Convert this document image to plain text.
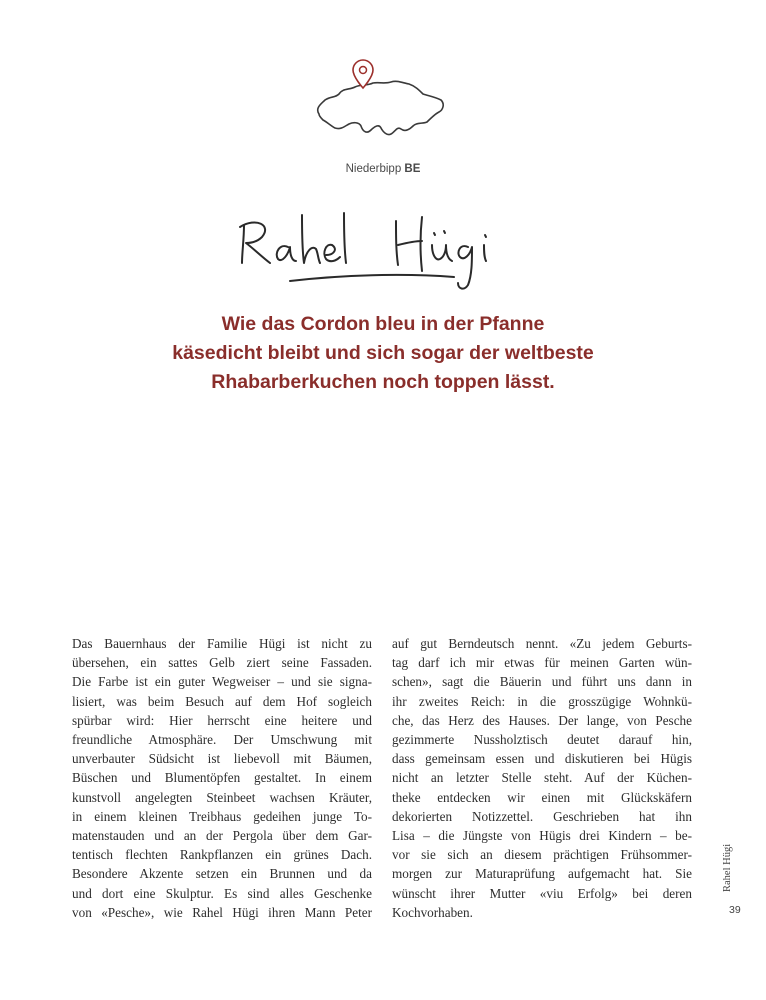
Niederbipp BE
Wie das Cordon bleu in der Pfanne
käsedicht bleibt und sich sogar der weltbeste
Rhabarberkuchen noch toppen lässt.
Das Bauernhaus der Familie Hügi ist nicht zu
übersehen, ein sattes Gelb ziert seine Fassaden.
Die Farbe ist ein guter Wegweiser – und sie signa-
lisiert, was beim Besuch auf dem Hof sogleich
spürbar wird: Hier herrscht eine heitere und
freundliche Atmosphäre. Der Umschwung mit
unverbauter Südsicht ist liebevoll mit Bäumen,
Büschen und Blumentöpfen gestaltet. In einem
kunstvoll angelegten Steinbeet wachsen Kräuter,
in einem kleinen Treibhaus gedeihen junge To-
matenstauden und an der Pergola über dem Gar-
tentisch flechten Rankpflanzen ein grünes Dach.
Besondere Akzente setzen ein Brunnen und da
und dort eine Skulptur. Es sind alles Geschenke
von «Pesche», wie Rahel Hügi ihren Mann Peter
auf gut Berndeutsch nennt. «Zu jedem Geburts-
tag darf ich mir etwas für meinen Garten wün-
schen», sagt die Bäuerin und führt uns dann in
ihr zweites Reich: in die grosszügige Wohnkü-
che, das Herz des Hauses. Der lange, von Pesche
gezimmerte Nussholztisch deutet darauf hin,
dass gemeinsam essen und diskutieren bei Hügis
nicht an letzter Stelle steht. Auf der Küchen-
theke entdecken wir einen mit Glückskäfern
dekorierten Notizzettel. Geschrieben hat ihn
Lisa – die Jüngste von Hügis drei Kindern – be-
vor sie sich an diesem prächtigen Frühsommer-
morgen zur Maturaprüfung aufgemacht hat. Sie
wünscht ihrer Mutter «viu Erfolg» bei deren
Kochvorhaben.
Rahel Hügi
39
